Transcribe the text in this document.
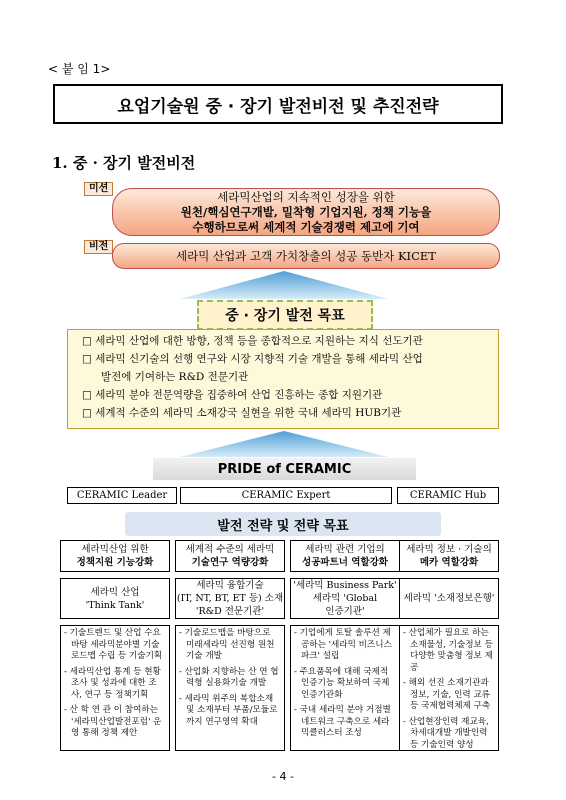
< 붙 임 1>
요업기술원 중 · 장기 발전비전 및 추진전략
1. 중 · 장기 발전비전
미션
세라믹산업의 지속적인 성장을 위한
원천/핵심연구개발, 밀착형 기업지원, 정책 기능을
수행하므로써 세계적 기술경쟁력 제고에 기여
비전
세라믹 산업과 고객 가치창출의 성공 동반자 KICET
중 · 장기 발전 목표
□ 세라믹 산업에 대한 방향, 정책 등을 종합적으로 지원하는 지식 선도기관
□ 세라믹 신기술의 선행 연구와 시장 지향적 기술 개발을 통해 세라믹 산업
발전에 기여하는 R&D 전문기관
□ 세라믹 분야 전문역량을 집중하여 산업 진흥하는 종합 지원기관
□ 세계적 수준의 세라믹 소재강국 실현을 위한 국내 세라믹 HUB기관
PRIDE of CERAMIC
CERAMIC Leader	CERAMIC Expert	CERAMIC Hub
발전 전략 및 전략 목표
세라믹산업 위한
정책지원 기능강화
세라믹 산업
'Think Tank'

- 기술트렌드 및 산업 수요 바탕 세라믹분야별 기술 로드맵 수립 등 기술기획

- 세라믹산업 통계 등 현황 조사 및 성과에 대한 조사, 연구 등 정책기획

- 산 학 연 관 이 참여하는 '세라믹산업발전포럼' 운영 통해 정책 제안

세계적 수준의 세라믹
기술연구 역량강화
세라믹 융합기술
(IT, NT, BT, ET 등) 소재
'R&D 전문기관'

- 기술로드맵을 바탕으로 미래세라믹 선진형 원천기술 개발

- 산업화 지향하는 산 연 협력형 실용화기술 개발

- 세라믹 위주의 복합소재 및 소재부터 부품/모듈로까지 연구영역 확대

세라믹 관련 기업의
성공파트너 역할강화
'세라믹 Business Park'
세라믹 'Global
인증기관'

- 기업에게 토탈 솔루션 제공하는 '세라믹 비즈니스 파크' 설립

- 주요품목에 대해 국제적 인증기능 확보하여 국제인증기관화

- 국내 세라믹 분야 거점별 네트워크 구축으로 세라믹클러스터 조성

세라믹 정보 · 기술의
메카 역할강화
세라믹 '소재정보은행'

- 산업체가 필요로 하는 소재물성, 기술정보 등 다양한 맞춤형 정보 제공

- 해외 선진 소재기관과 정보, 기술, 인력 교류 등 국제협력체제 구축

- 산업현장인력 재교육, 차세대개발 개발인력 등 기술인력 양성

- 4 -
